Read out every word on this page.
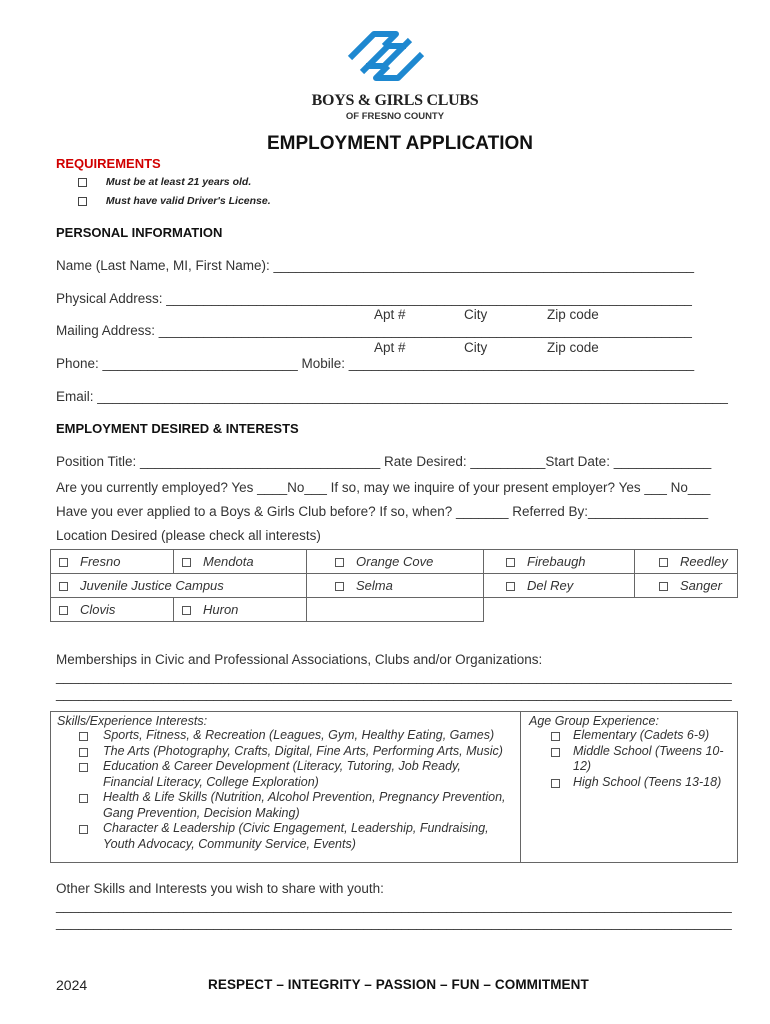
BOYS & GIRLS CLUBS
OF FRESNO COUNTY
EMPLOYMENT APPLICATION
REQUIREMENTS
Must be at least 21 years old.
Must have valid Driver's License.
PERSONAL INFORMATION
Name (Last Name, MI, First Name): ________________________________________________________
Physical Address: ______________________________________________________________________
Apt #	City	Zip code
Mailing Address: _______________________________________________________________________
Apt #	City	Zip code
Phone: __________________________ Mobile: ______________________________________________
Email: ____________________________________________________________________________________
EMPLOYMENT DESIRED & INTERESTS
Position Title: ________________________________ Rate Desired: __________Start Date: _____________
Are you currently employed? Yes ____No___ If so, may we inquire of your present employer? Yes ___ No___
Have you ever applied to a Boys & Girls Club before? If so, when? _______ Referred By:________________
Location Desired (please check all interests)
Fresno	Mendota	Orange Cove	Firebaugh	Reedley
Juvenile Justice Campus		Selma	Del Rey	Sanger
Clovis	Huron			
Memberships in Civic and Professional Associations, Clubs and/or Organizations:
__________________________________________________________________________________________
__________________________________________________________________________________________
Skills/Experience Interests:
Sports, Fitness, & Recreation (Leagues, Gym, Healthy Eating, Games)
The Arts (Photography, Crafts, Digital, Fine Arts, Performing Arts, Music)
Education & Career Development (Literacy, Tutoring, Job Ready,
Financial Literacy, College Exploration)
Health & Life Skills (Nutrition, Alcohol Prevention, Pregnancy Prevention,
Gang Prevention, Decision Making)
Character & Leadership (Civic Engagement, Leadership, Fundraising,
Youth Advocacy, Community Service, Events)
Age Group Experience:
Elementary (Cadets 6-9)
Middle School (Tweens 10-12)
High School (Teens 13-18)
Other Skills and Interests you wish to share with youth:
__________________________________________________________________________________________
__________________________________________________________________________________________
2024	RESPECT – INTEGRITY – PASSION – FUN – COMMITMENT
